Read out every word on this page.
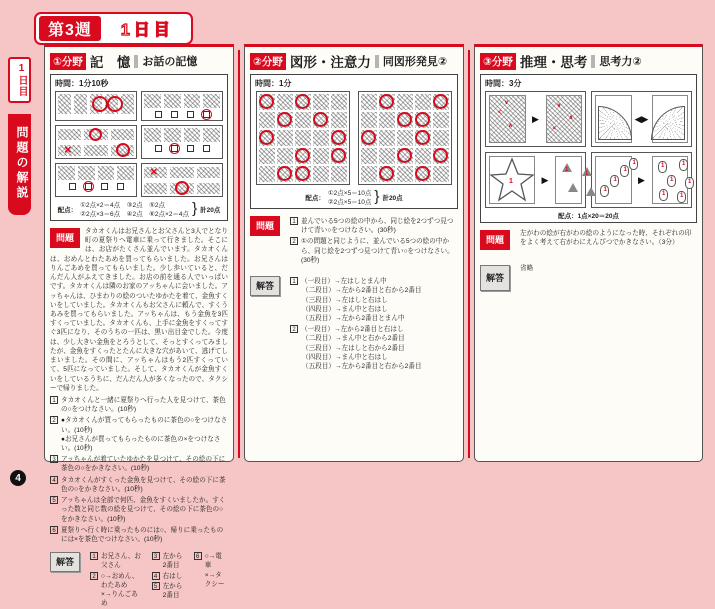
第3週	1日目
1日目
問題の解説
4
①分野 記　憶 お話の記憶
時間：1分10秒
×
×
配点：
①2点×2＝4点　③2点　⑤2点
②2点×3＝6点　④2点　⑥2点×2＝4点 } 計20点
問題
タカオくんはお兄さんとお父さんと3人でとなり町の夏祭りへ電車に乗って行きました。そこには、お店がたくさん並んでいます。タカオくんは、おめんとわたあめを買ってもらいました。お兄さんはりんごあめを買ってもらいました。少し歩いていると、だんだん人がふえてきました。お店の前を通る人でいっぱいです。タカオくんは隣のお家のアッちゃんに会いました。アッちゃんは、ひまわりの絵のついたゆかたを着て、金魚すくいをしていました。タカオくんもお父さんに頼んで、すくうあみを買ってもらいました。アッちゃんは、もう金魚を3匹すくっていました。タカオくんも、上手に金魚をすくってすぐ3匹になり、そのうちの一匹は、黒い出目金でした。今度は、少し大きい金魚をとろうとして、そっとすくってみましたが、金魚をすくったとたんに大きな穴があいて、逃げてしまいました。その間に、アッちゃんはもう2匹すくっていて、5匹になっていました。そして、タカオくんが金魚すくいをしているうちに、だんだん人が多くなったので、タクシーで帰りました。
1 タカオくんと一緒に夏祭りへ行った人を見つけて、茶色の○をつけなさい。(10秒)
2 ●タカオくんが買ってもらったものに茶色の○をつけなさい。(10秒)
●お兄さんが買ってもらったものに茶色の×をつけなさい。(10秒)
3 アッちゃんが着ていたゆかたを見つけて、その絵の下に茶色の○をかきなさい。(10秒)
4 タカオくんがすくった金魚を見つけて、その絵の下に茶色の○をかきなさい。(10秒)
5 アッちゃんは全部で何匹、金魚をすくいましたか。すくった数と同じ数の絵を見つけて、その絵の下に茶色の○をかきなさい。(10秒)
6 夏祭りへ行く時に乗ったものには○、帰りに乗ったものには×を茶色でつけなさい。(10秒)
解答	1 お兄さん、お父さん
2 ○→おめん、わたあめ
×→りんごあめ
3 左から2番目
4 右はし
5 左から2番目
6 ○→電車
×→タクシー
②分野 図形・注意力 同図形発見②
時間：1分
配点：
①2点×5＝10点
②2点×5＝10点 } 計20点
問題	1 並んでいる5つの絵の中から、同じ絵を2つずつ見つけて青い○をつけなさい。(30秒)
2 ①の問題と同じように、並んでいる5つの絵の中から、同じ絵を2つずつ見つけて青い○をつけなさい。(30秒)
解答	1 （一段目）→左はしとまん中
（二段目）→左から2番目と右から2番目
（三段目）→左はしと右はし
（四段目）→まん中と右はし
（五段目）→左から2番目とまん中
2 （一段目）→左から2番目と右はし
（二段目）→まん中と右から2番目
（三段目）→左はしと右から2番目
（四段目）→まん中と右はし
（五段目）→左から2番目と右から2番目
③分野 推理・思考 思考力②
時間：3分
∨
<
∧
▶
∨
∧
<
◀▶
1	▶
1
1
1
1
1
1
▶
1	1
1 1
1 1
配点：1点×20＝20点
問題
左がわの絵が右がわの絵のようになった時、それぞれの印をよく考えて右がわにえんぴつでかきなさい。（3分）
解答
省略
